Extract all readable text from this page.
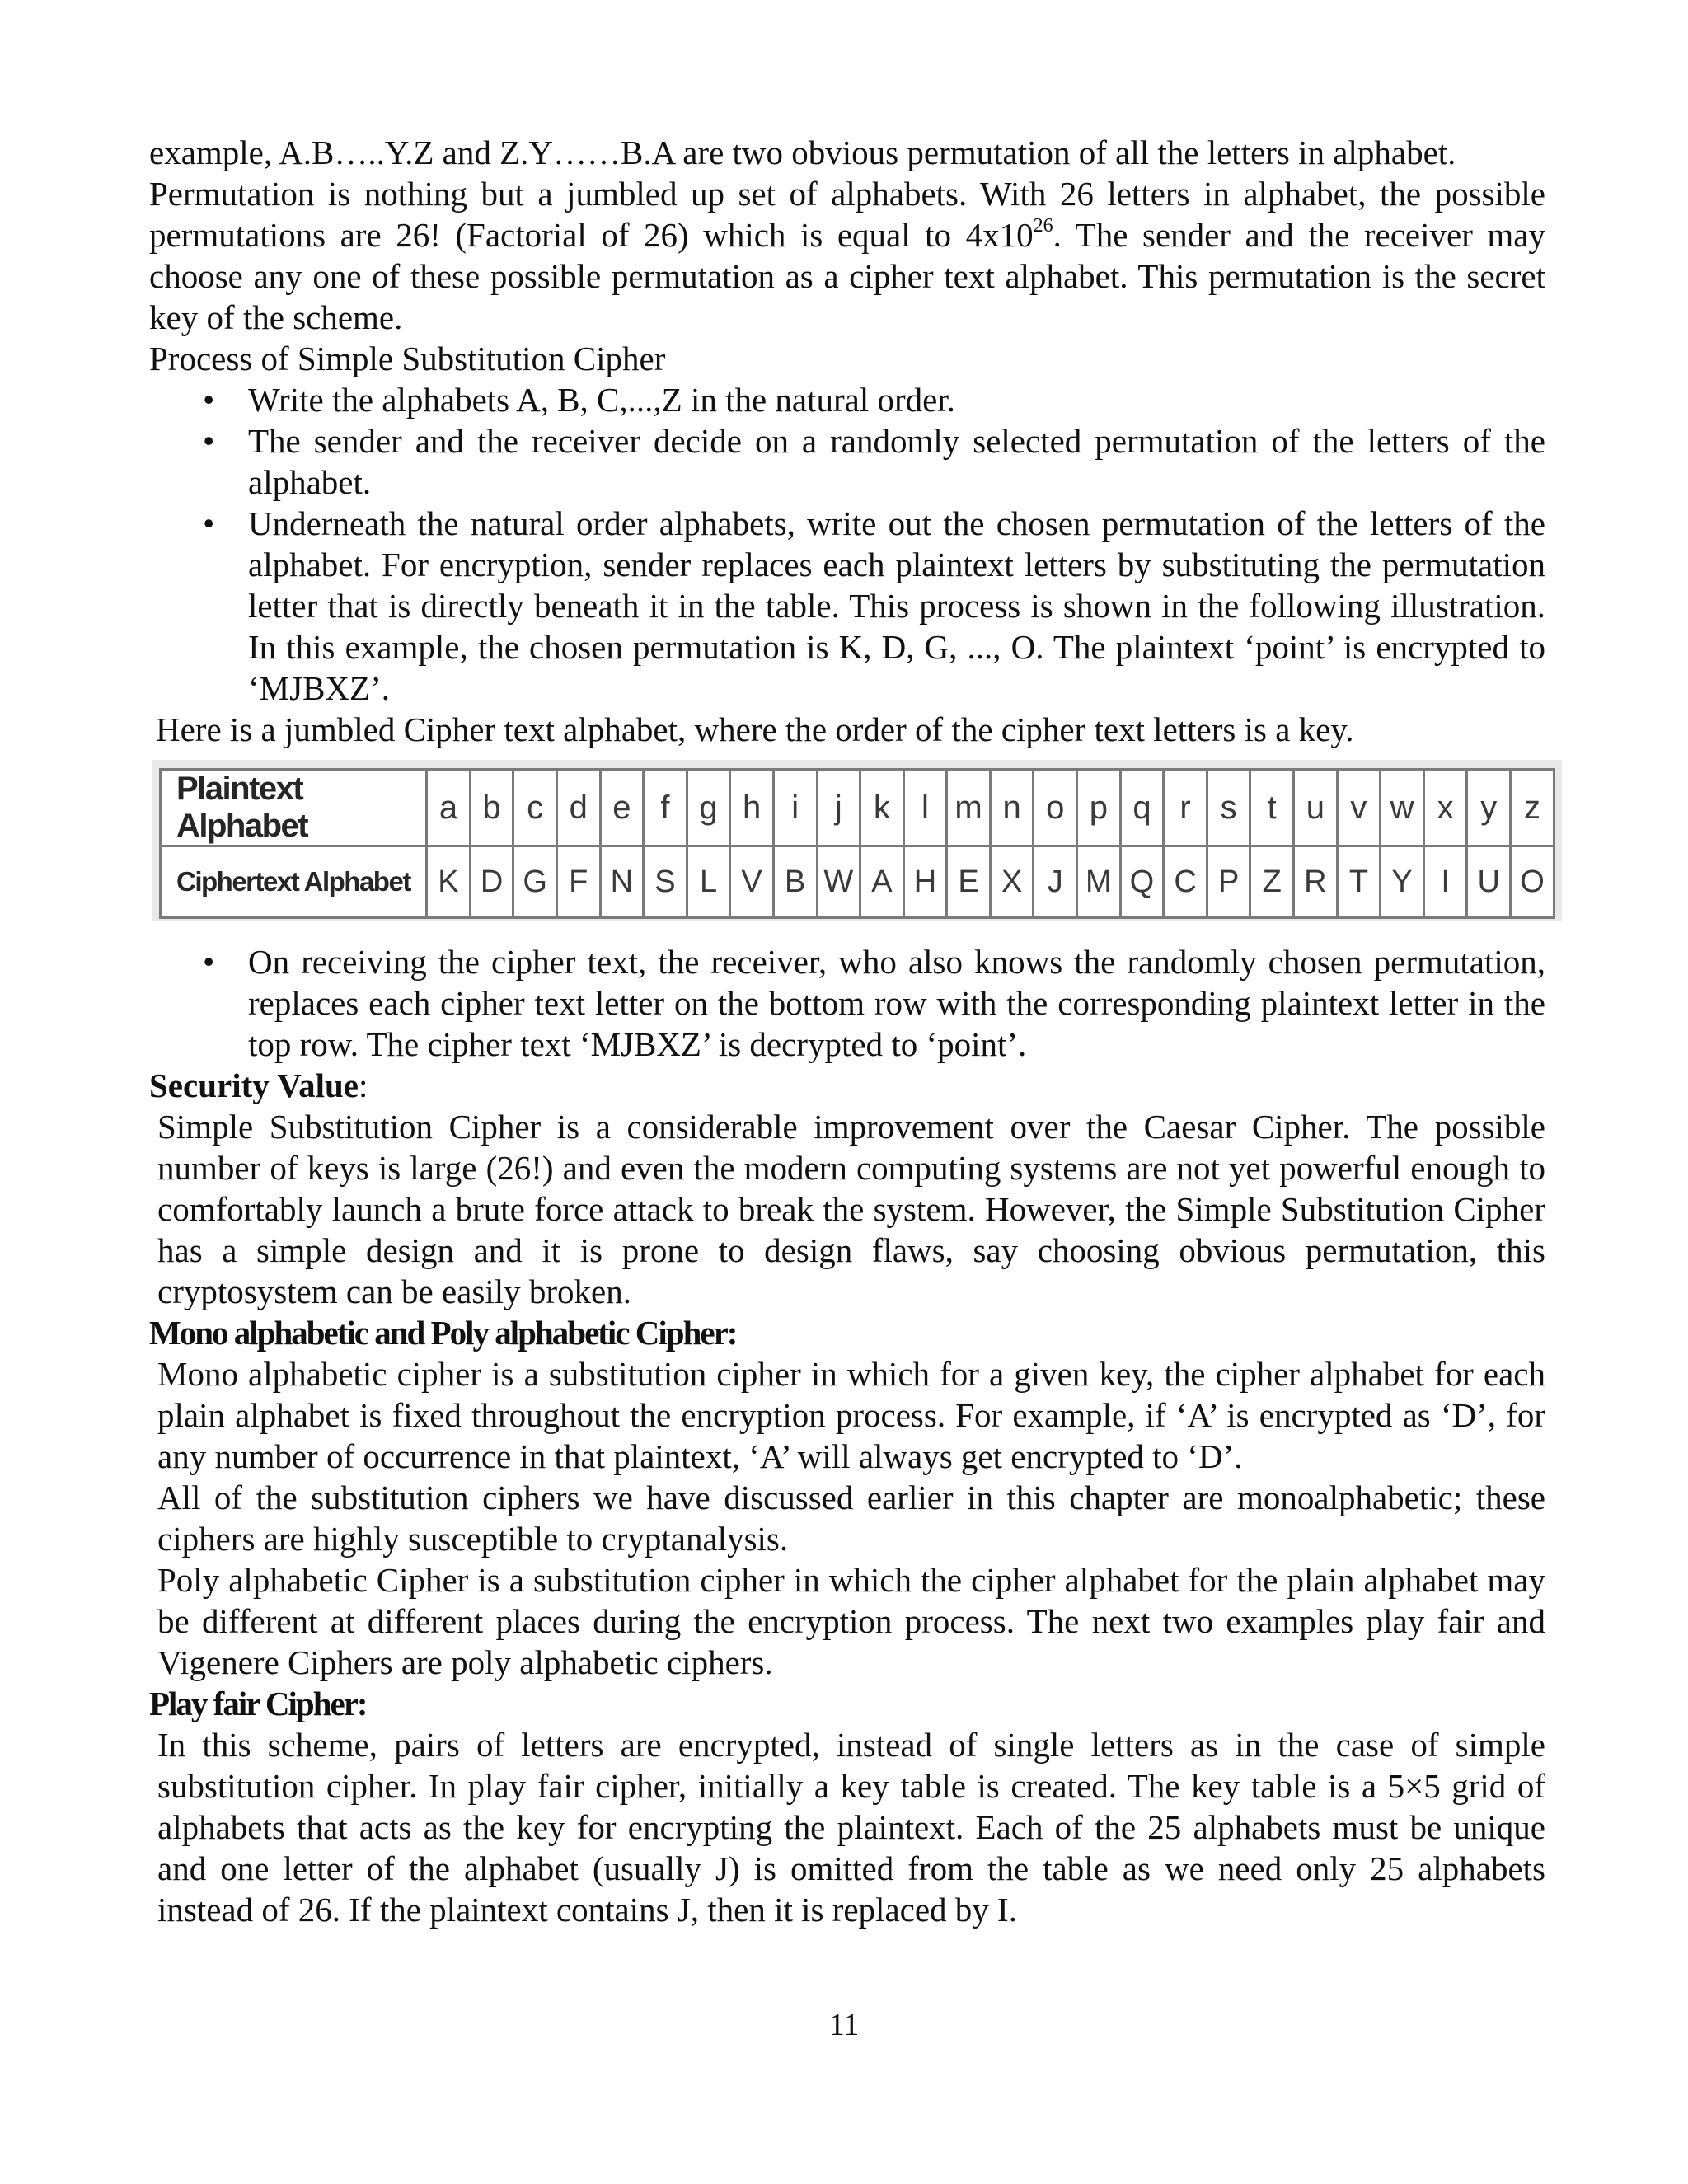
example, A.B…..Y.Z and Z.Y……B.A are two obvious permutation of all the letters in alphabet.

Permutation is nothing but a jumbled up set of alphabets. With 26 letters in alphabet, the possible permutations are 26! (Factorial of 26) which is equal to $4x10^{26}$. The sender and the receiver may choose any one of these possible permutation as a cipher text alphabet. This permutation is the secret key of the scheme.

Process of Simple Substitution Cipher

• Write the alphabets A, B, C,...,Z in the natural order.
• The sender and the receiver decide on a randomly selected permutation of the letters of the alphabet.
• Underneath the natural order alphabets, write out the chosen permutation of the letters of the alphabet. For encryption, sender replaces each plaintext letters by substituting the permutation letter that is directly beneath it in the table. This process is shown in the following illustration. In this example, the chosen permutation is K, D, G, ..., O. The plaintext ‘point’ is encrypted to ‘MJBXZ’.

Here is a jumbled Cipher text alphabet, where the order of the cipher text letters is a key.

• On receiving the cipher text, the receiver, who also knows the randomly chosen permutation, replaces each cipher text letter on the bottom row with the corresponding plaintext letter in the top row. The cipher text ‘MJBXZ’ is decrypted to ‘point’.

Security Value:

Simple Substitution Cipher is a considerable improvement over the Caesar Cipher. The possible number of keys is large (26!) and even the modern computing systems are not yet powerful enough to comfortably launch a brute force attack to break the system. However, the Simple Substitution Cipher has a simple design and it is prone to design flaws, say choosing obvious permutation, this cryptosystem can be easily broken.

Mono alphabetic and Poly alphabetic Cipher:

Mono alphabetic cipher is a substitution cipher in which for a given key, the cipher alphabet for each plain alphabet is fixed throughout the encryption process. For example, if ‘A’ is encrypted as ‘D’, for any number of occurrence in that plaintext, ‘A’ will always get encrypted to ‘D’.

All of the substitution ciphers we have discussed earlier in this chapter are monoalphabetic; these ciphers are highly susceptible to cryptanalysis.

Poly alphabetic Cipher is a substitution cipher in which the cipher alphabet for the plain alphabet may be different at different places during the encryption process. The next two examples play fair and Vigenere Ciphers are poly alphabetic ciphers.

Play fair Cipher:

In this scheme, pairs of letters are encrypted, instead of single letters as in the case of simple substitution cipher. In play fair cipher, initially a key table is created. The key table is a 5×5 grid of alphabets that acts as the key for encrypting the plaintext. Each of the 25 alphabets must be unique and one letter of the alphabet (usually J) is omitted from the table as we need only 25 alphabets instead of 26. If the plaintext contains J, then it is replaced by I.

Plaintext Alphabet	a	b	c	d	e	f	g	h	i	j	k	l	m	n	o	p	q	r	s	t	u	v	w	x	y	z
Ciphertext Alphabet	K	D	G	F	N	S	L	V	B	W	A	H	E	X	J	M	Q	C	P	Z	R	T	Y	I	U	O
11
